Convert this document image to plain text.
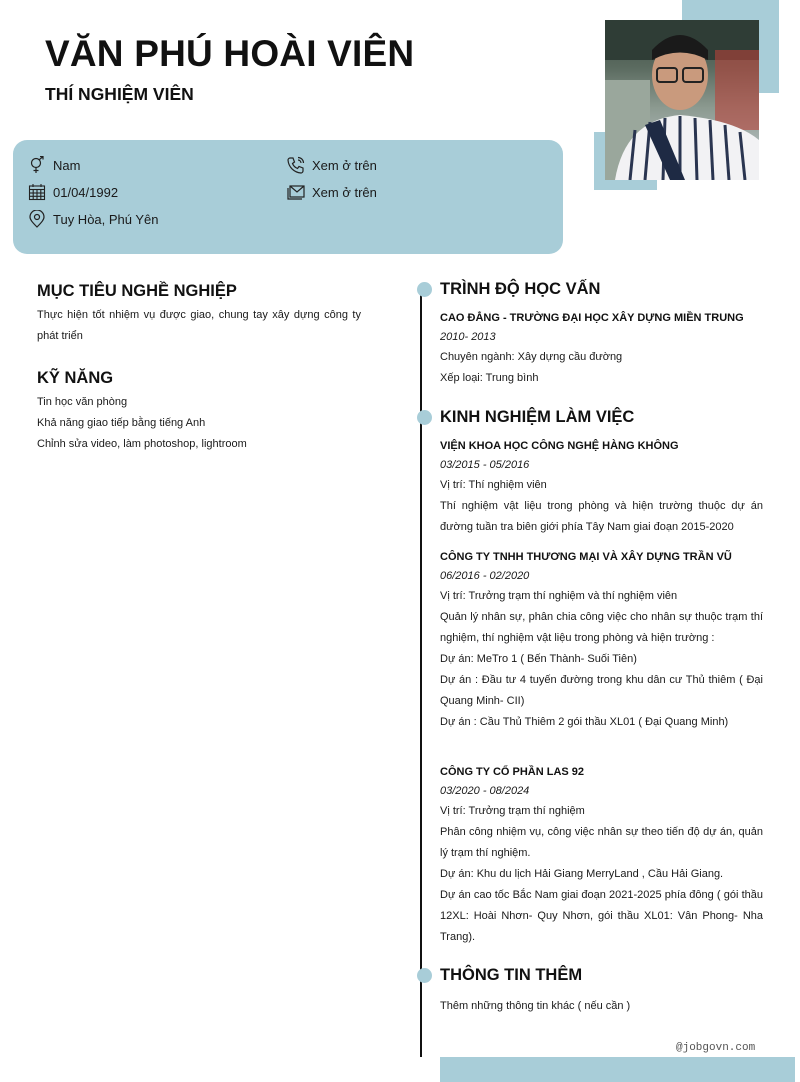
VĂN PHÚ HOÀI VIÊN
THÍ NGHIỆM VIÊN
Nam
01/04/1992
Tuy Hòa, Phú Yên
Xem ở trên
Xem ở trên
MỤC TIÊU NGHỀ NGHIỆP
Thực hiện tốt nhiệm vụ được giao, chung tay xây dựng công ty phát triển
KỸ NĂNG
Tin học văn phòng
Khả năng giao tiếp bằng tiếng Anh
Chỉnh sửa video, làm photoshop, lightroom
TRÌNH ĐỘ HỌC VẤN
CAO ĐẲNG - TRƯỜNG ĐẠI HỌC XÂY DỰNG MIỀN TRUNG
2010- 2013
Chuyên ngành: Xây dựng cầu đường
Xếp loại: Trung bình
KINH NGHIỆM LÀM VIỆC
VIỆN KHOA HỌC CÔNG NGHỆ HÀNG KHÔNG
03/2015 - 05/2016
Vị trí: Thí nghiệm viên
Thí nghiệm vật liệu trong phòng và hiện trường thuộc dự án đường tuần tra biên giới phía Tây Nam giai đoạn 2015-2020
CÔNG TY TNHH THƯƠNG MẠI VÀ XÂY DỰNG TRẦN VŨ
06/2016 - 02/2020
Vị trí: Trưởng trạm thí nghiệm và thí nghiệm viên
Quản lý nhân sự, phân chia công việc cho nhân sự thuộc trạm thí nghiệm, thí nghiệm vật liệu trong phòng và hiện trường :
Dự án: MeTro 1 ( Bến Thành- Suối Tiên)
Dự án : Đầu tư 4 tuyến đường trong khu dân cư Thủ thiêm ( Đại Quang Minh- CII)
Dự án : Cầu Thủ Thiêm 2 gói thầu XL01 ( Đại Quang Minh)
CÔNG TY CỔ PHẦN LAS 92
03/2020 - 08/2024
Vị trí: Trưởng trạm thí nghiệm
Phân công nhiệm vụ, công việc nhân sự theo tiến độ dự án, quản lý trạm thí nghiệm.
Dự án: Khu du lịch Hải Giang MerryLand , Cầu Hải Giang.
Dự án cao tốc Bắc Nam giai đoạn 2021-2025 phía đông ( gói thầu 12XL: Hoài Nhơn- Quy Nhơn, gói thầu XL01: Vân Phong- Nha Trang).
THÔNG TIN THÊM
Thêm những thông tin khác ( nếu cần )
@jobgovn.com
